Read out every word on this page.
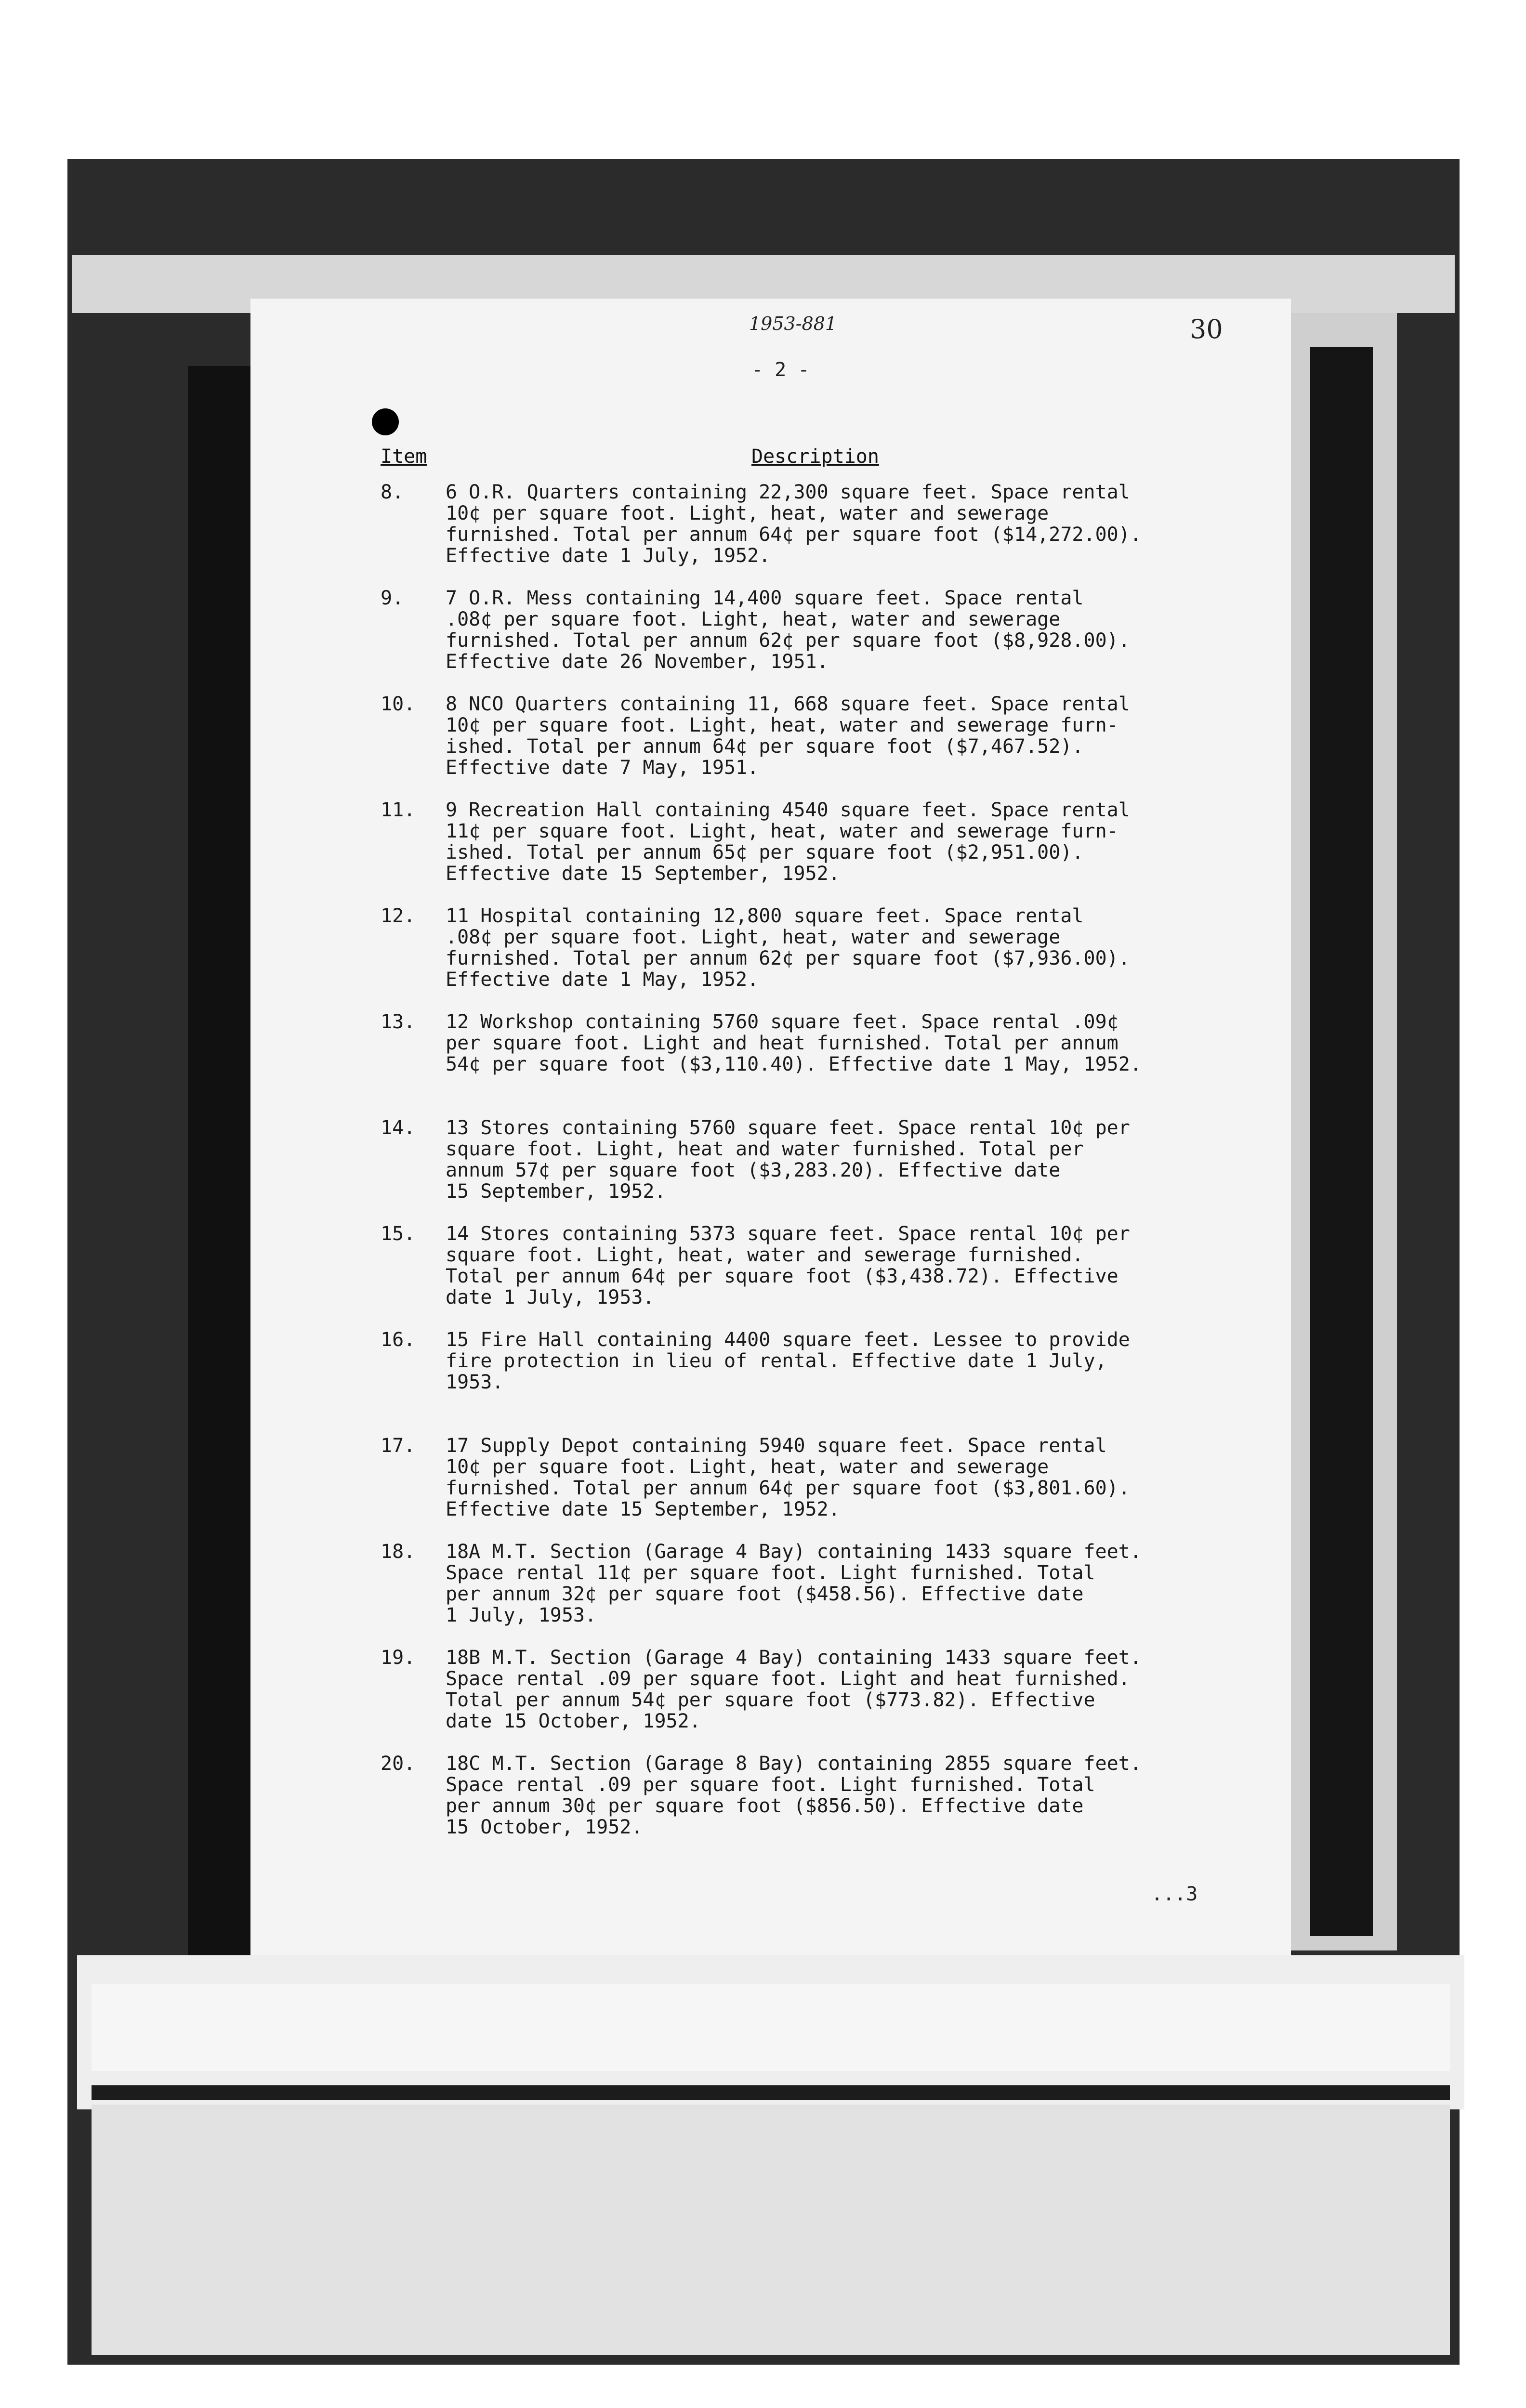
1953-881	30
- 2 -
Item	Description
8.	6 O.R. Quarters containing 22,300 square feet. Space rental
10¢ per square foot. Light, heat, water and sewerage
furnished. Total per annum 64¢ per square foot ($14,272.00).
Effective date 1 July, 1952.
9.	7 O.R. Mess containing 14,400 square feet. Space rental
.08¢ per square foot. Light, heat, water and sewerage
furnished. Total per annum 62¢ per square foot ($8,928.00).
Effective date 26 November, 1951.
10.	8 NCO Quarters containing 11, 668 square feet. Space rental
10¢ per square foot. Light, heat, water and sewerage furn-
ished. Total per annum 64¢ per square foot ($7,467.52).
Effective date 7 May, 1951.
11.	9 Recreation Hall containing 4540 square feet. Space rental
11¢ per square foot. Light, heat, water and sewerage furn-
ished. Total per annum 65¢ per square foot ($2,951.00).
Effective date 15 September, 1952.
12.	11 Hospital containing 12,800 square feet. Space rental
.08¢ per square foot. Light, heat, water and sewerage
furnished. Total per annum 62¢ per square foot ($7,936.00).
Effective date 1 May, 1952.
13.	12 Workshop containing 5760 square feet. Space rental .09¢
per square foot. Light and heat furnished. Total per annum
54¢ per square foot ($3,110.40). Effective date 1 May, 1952.
14.	13 Stores containing 5760 square feet. Space rental 10¢ per
square foot. Light, heat and water furnished. Total per
annum 57¢ per square foot ($3,283.20). Effective date
15 September, 1952.
15.	14 Stores containing 5373 square feet. Space rental 10¢ per
square foot. Light, heat, water and sewerage furnished.
Total per annum 64¢ per square foot ($3,438.72). Effective
date 1 July, 1953.
16.	15 Fire Hall containing 4400 square feet. Lessee to provide
fire protection in lieu of rental. Effective date 1 July,
1953.
17.	17 Supply Depot containing 5940 square feet. Space rental
10¢ per square foot. Light, heat, water and sewerage
furnished. Total per annum 64¢ per square foot ($3,801.60).
Effective date 15 September, 1952.
18.	18A M.T. Section (Garage 4 Bay) containing 1433 square feet.
Space rental 11¢ per square foot. Light furnished. Total
per annum 32¢ per square foot ($458.56). Effective date
1 July, 1953.
19.	18B M.T. Section (Garage 4 Bay) containing 1433 square feet.
Space rental .09 per square foot. Light and heat furnished.
Total per annum 54¢ per square foot ($773.82). Effective
date 15 October, 1952.
20.	18C M.T. Section (Garage 8 Bay) containing 2855 square feet.
Space rental .09 per square foot. Light furnished. Total
per annum 30¢ per square foot ($856.50). Effective date
15 October, 1952.
...3
